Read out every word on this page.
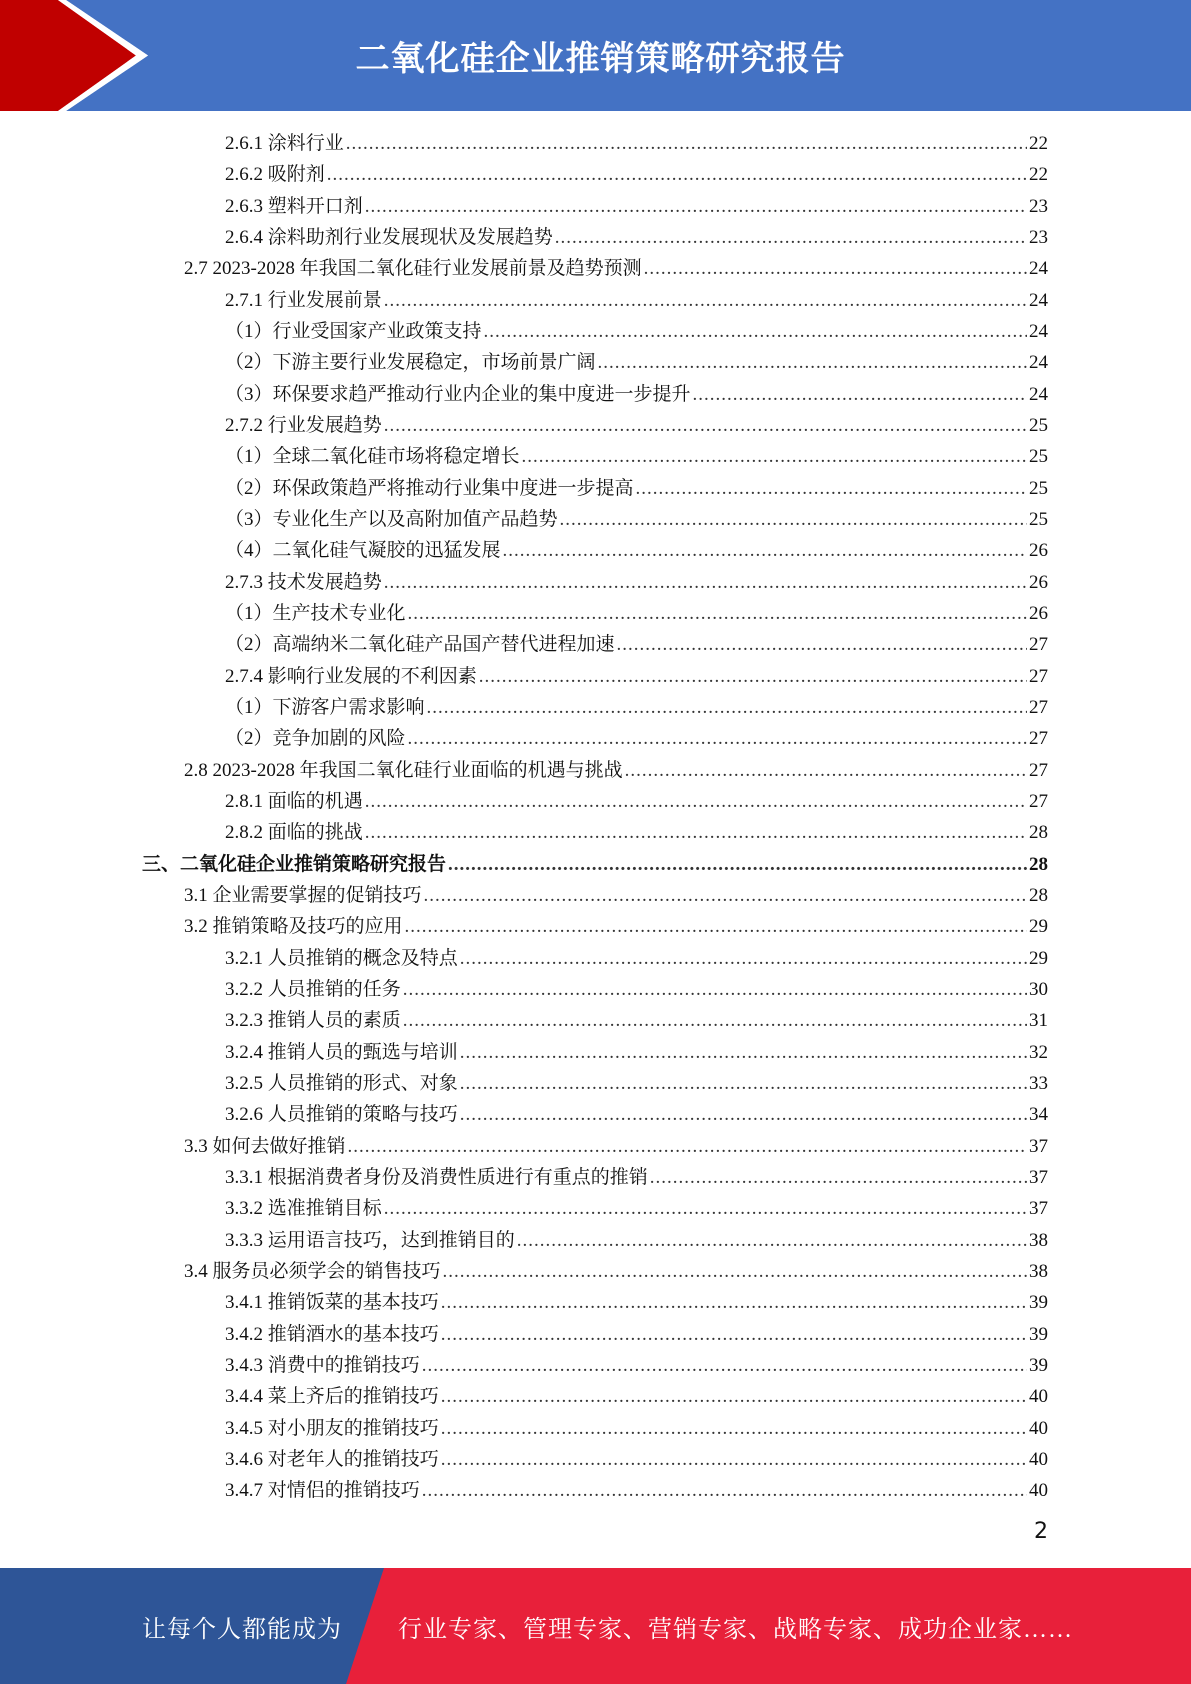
二氧化硅企业推销策略研究报告
2.6.1 涂料行业 .....	22
2.6.2 吸附剂 .....	22
2.6.3 塑料开口剂 .....	23
2.6.4 涂料助剂行业发展现状及发展趋势 .....	23
2.7 2023-2028 年我国二氧化硅行业发展前景及趋势预测 .....	24
2.7.1 行业发展前景 .....	24
（1）行业受国家产业政策支持 .....	24
（2）下游主要行业发展稳定，市场前景广阔 .....	24
（3）环保要求趋严推动行业内企业的集中度进一步提升 .....	24
2.7.2 行业发展趋势 .....	25
（1）全球二氧化硅市场将稳定增长 .....	25
（2）环保政策趋严将推动行业集中度进一步提高 .....	25
（3）专业化生产以及高附加值产品趋势 .....	25
（4）二氧化硅气凝胶的迅猛发展 .....	26
2.7.3 技术发展趋势 .....	26
（1）生产技术专业化 .....	26
（2）高端纳米二氧化硅产品国产替代进程加速 .....	27
2.7.4 影响行业发展的不利因素 .....	27
（1）下游客户需求影响 .....	27
（2）竞争加剧的风险 .....	27
2.8 2023-2028 年我国二氧化硅行业面临的机遇与挑战 .....	27
2.8.1 面临的机遇 .....	27
2.8.2 面临的挑战 .....	28
三、二氧化硅企业推销策略研究报告 .....	28
3.1 企业需要掌握的促销技巧 .....	28
3.2 推销策略及技巧的应用 .....	29
3.2.1 人员推销的概念及特点 .....	29
3.2.2 人员推销的任务 .....	30
3.2.3 推销人员的素质 .....	31
3.2.4 推销人员的甄选与培训 .....	32
3.2.5 人员推销的形式、对象 .....	33
3.2.6 人员推销的策略与技巧 .....	34
3.3 如何去做好推销 .....	37
3.3.1 根据消费者身份及消费性质进行有重点的推销 .....	37
3.3.2 选准推销目标 .....	37
3.3.3 运用语言技巧，达到推销目的 .....	38
3.4 服务员必须学会的销售技巧 .....	38
3.4.1 推销饭菜的基本技巧 .....	39
3.4.2 推销酒水的基本技巧 .....	39
3.4.3 消费中的推销技巧 .....	39
3.4.4 菜上齐后的推销技巧 .....	40
3.4.5 对小朋友的推销技巧 .....	40
3.4.6 对老年人的推销技巧 .....	40
3.4.7 对情侣的推销技巧 .....	40
2
让每个人都能成为 行业专家、管理专家、营销专家、战略专家、成功企业家……
